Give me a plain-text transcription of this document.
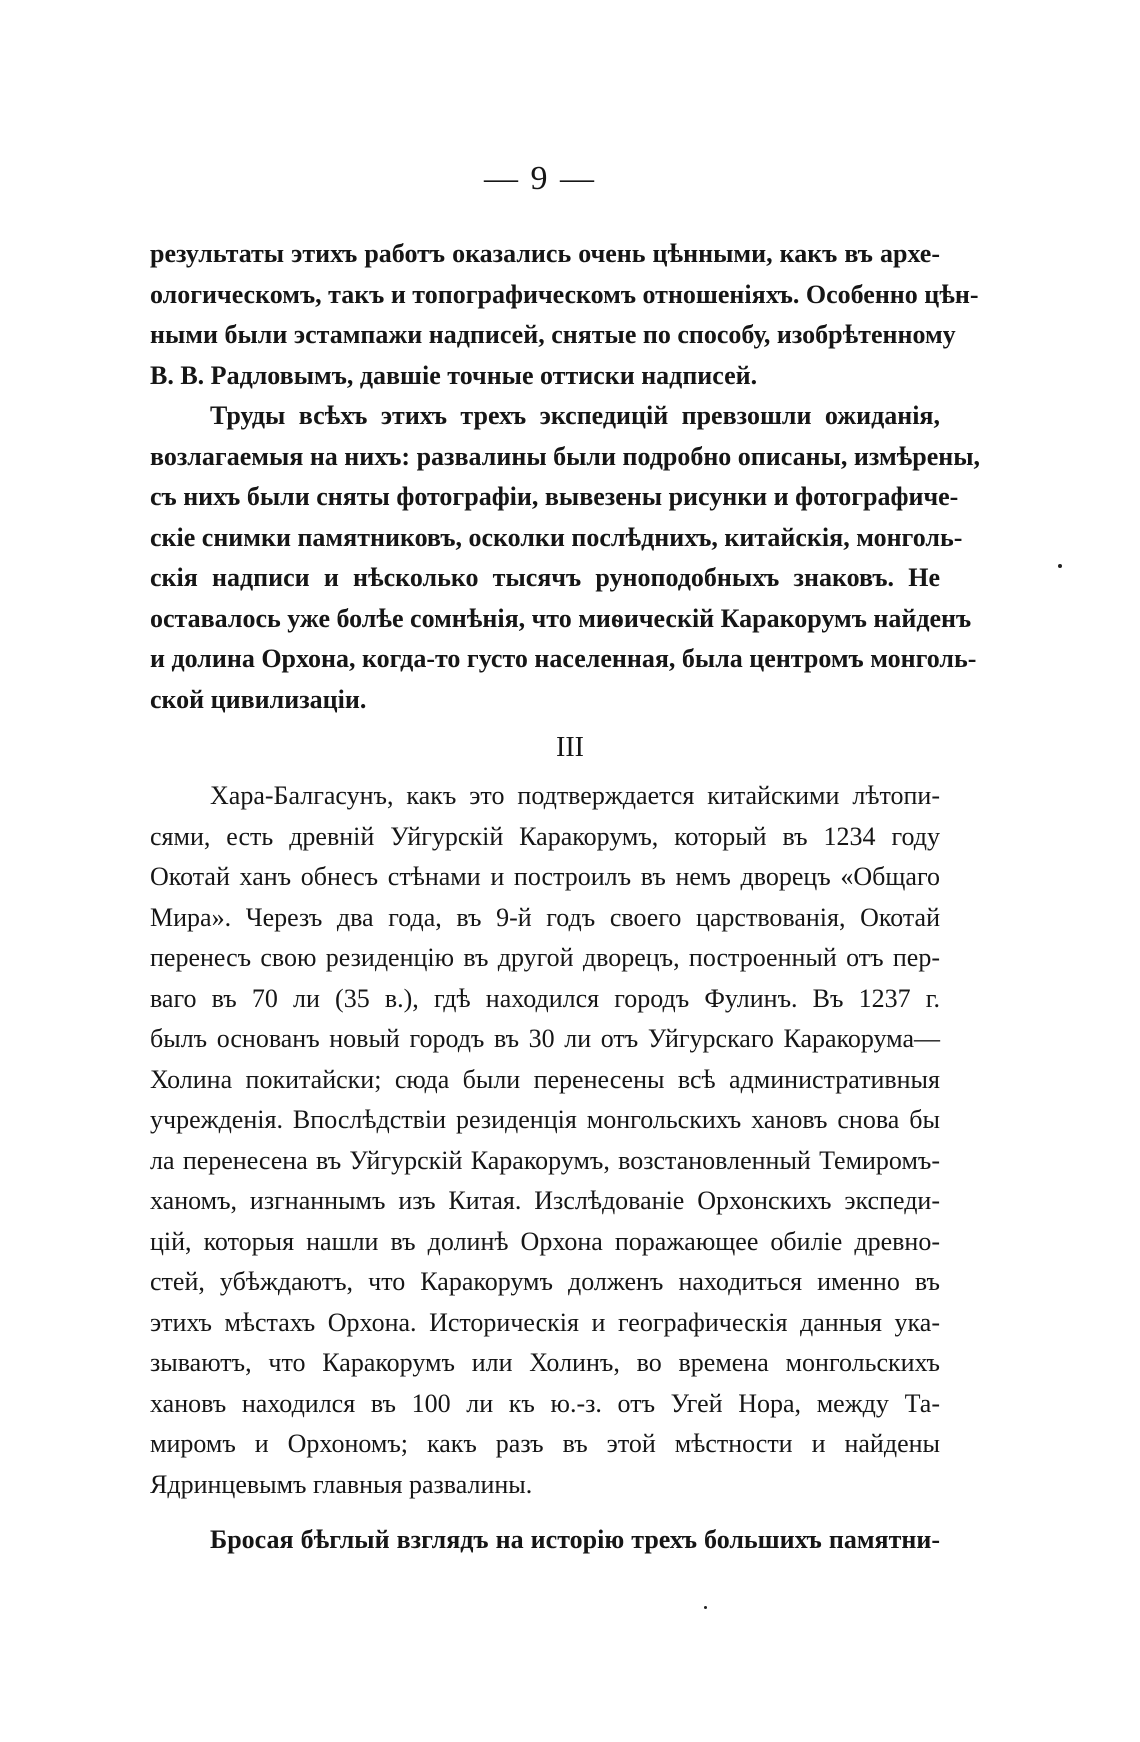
— 9 —
результаты этихъ работъ оказались очень цѣнными, какъ въ архе-
ологическомъ, такъ и топографическомъ отношеніяхъ. Особенно цѣн-
ными были эстампажи надписей, снятые по способу, изобрѣтенному
В. В. Радловымъ, давшіе точные оттиски надписей.
Труды всѣхъ этихъ трехъ экспедицій превзошли ожиданія,
возлагаемыя на нихъ: развалины были подробно описаны, измѣрены,
съ нихъ были сняты фотографіи, вывезены рисунки и фотографиче-
скіе снимки памятниковъ, осколки послѣднихъ, китайскія, монголь-
скія надписи и нѣсколько тысячъ руноподобныхъ знаковъ. Не
оставалось уже болѣе сомнѣнія, что миѳическій Каракорумъ найденъ
и долина Орхона, когда-то густо населенная, была центромъ монголь-
ской цивилизаціи.
III
Хара-Балгасунъ, какъ это подтверждается китайскими лѣтопи-
сями, есть древній Уйгурскій Каракорумъ, который въ 1234 году
Окотай ханъ обнесъ стѣнами и построилъ въ немъ дворецъ «Общаго
Мира». Черезъ два года, въ 9-й годъ своего царствованія, Окотай
перенесъ свою резиденцію въ другой дворецъ, построенный отъ пер-
ваго въ 70 ли (35 в.), гдѣ находился городъ Фулинъ. Въ 1237 г.
былъ основанъ новый городъ въ 30 ли отъ Уйгурскаго Каракорума—
Холина покитайски; сюда были перенесены всѣ административныя
учрежденія. Впослѣдствіи резиденція монгольскихъ хановъ снова бы
ла перенесена въ Уйгурскій Каракорумъ, возстановленный Темиромъ-
ханомъ, изгнаннымъ изъ Китая. Изслѣдованіе Орхонскихъ экспеди-
цій, которыя нашли въ долинѣ Орхона поражающее обиліе древно-
стей, убѣждаютъ, что Каракорумъ долженъ находиться именно въ
этихъ мѣстахъ Орхона. Историческія и географическія данныя ука-
зываютъ, что Каракорумъ или Холинъ, во времена монгольскихъ
хановъ находился въ 100 ли къ ю.-з. отъ Угей Нора, между Та-
миромъ и Орхономъ; какъ разъ въ этой мѣстности и найдены
Ядринцевымъ главныя развалины.
Бросая бѣглый взглядъ на исторію трехъ большихъ памятни-
